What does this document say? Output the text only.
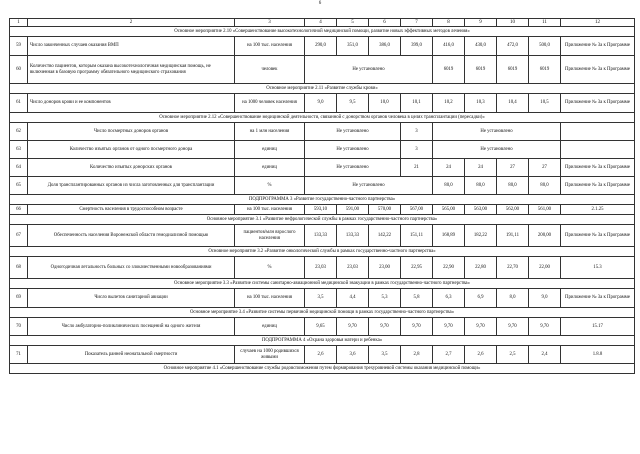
6
1	2	3	4	5	6	7	8	9	10	11	12
Основное мероприятие 2.10 «Совершенствование высокотехнологичной медицинской помощи, развитие новых эффективных методов лечения»											
59	Число законченных случаев оказания ВМП	на 100 тыс. населения	290,0	351,0	386,0	399,0	416,0	430,0	472,0	500,0	Приложение № 3а к Программе
60	Количество пациентов, которым оказана высокотехнологичная медицинская помощь, не включенная в базовую программу обязательного медицинского страхования	человек	Не установлено				6019	6019	6019	6019	Приложение № 3а к Программе
Основное мероприятие 2.11 «Развитие службы крови»											
61	Число доноров крови и ее компонентов	на 1000 человек населения	9,0	9,5	10,0	10,1	10,2	10,3	10,4	10,5	Приложение № 3а к Программе
Основное мероприятие 2.12 «Совершенствование медицинской деятельности, связанной с донорством органов человека в целях трансплантации (пересадки)»											
62	Число посмертных доноров органов	на 1 млн населения	Не установлено			3	Не установлено				
63	Количество изъятых органов от одного посмертного донора	единиц	Не установлено			3	Не установлено				
64	Количество изъятых донорских органов	единиц	Не установлено			21	24	24	27	27	Приложение № 3а к Программе
65	Доля трансплантированных органов из числа заготовленных для трансплантации	%	Не установлено				80,0	80,0	80,0	80,0	Приложение № 3а к Программе
ПОДПРОГРАММА 3 «Развитие государственно-частного партнерства»											
66	Смертность населения в трудоспособном возрасте	на 100 тыс. населения	593,10	591,00	570,00	567,00	565,00	563,00	562,00	561,00	2.1.25
Основное мероприятие 3.1 «Развитие нефрологической службы в рамках государственно-частного партнерства»											
67	Обеспеченность населения Воронежской области гемодиализной помощью	пациентов/млн взрослого населения	133,33	133,33	142,22	151,11	168,89	182,22	191,11	200,00	Приложение № 3а к Программе
Основное мероприятие 3.2 «Развитие онкологической службы в рамках государственно-частного партнерства»											
68	Одногодичная летальность больных со злокачественными новообразованиями	%	23,03	23,03	23,00	22,95	22,90	22,80	22,70	22,00	15.3
Основное мероприятие 3.3 «Развитие системы санитарно-авиационной медицинской эвакуации в рамках государственно-частного партнерства»											
69	Число вылетов санитарной авиации	на 100 тыс. населения	3,5	4,4	5,3	5,8	6,3	6,9	8,0	9,0	Приложение № 3а к Программе
Основное мероприятие 3.4 «Развитие системы первичной медицинской помощи в рамках государственно-частного партнерства»											
70	Число амбулаторно-поликлинических посещений на одного жителя	единиц	9,65	9,70	9,70	9,70	9,70	9,70	9,70	9,70	15.17
ПОДПРОГРАММА 4 «Охрана здоровья матери и ребенка»											
71	Показатель ранней неонатальной смертности	случаев на 1000 родившихся живыми	2,6	3,6	3,5	2,8	2,7	2,6	2,5	2,4	1.8.8
Основное мероприятие 4.1 «Совершенствование службы родовспоможения путем формирования трехуровневой системы оказания медицинской помощи»											
